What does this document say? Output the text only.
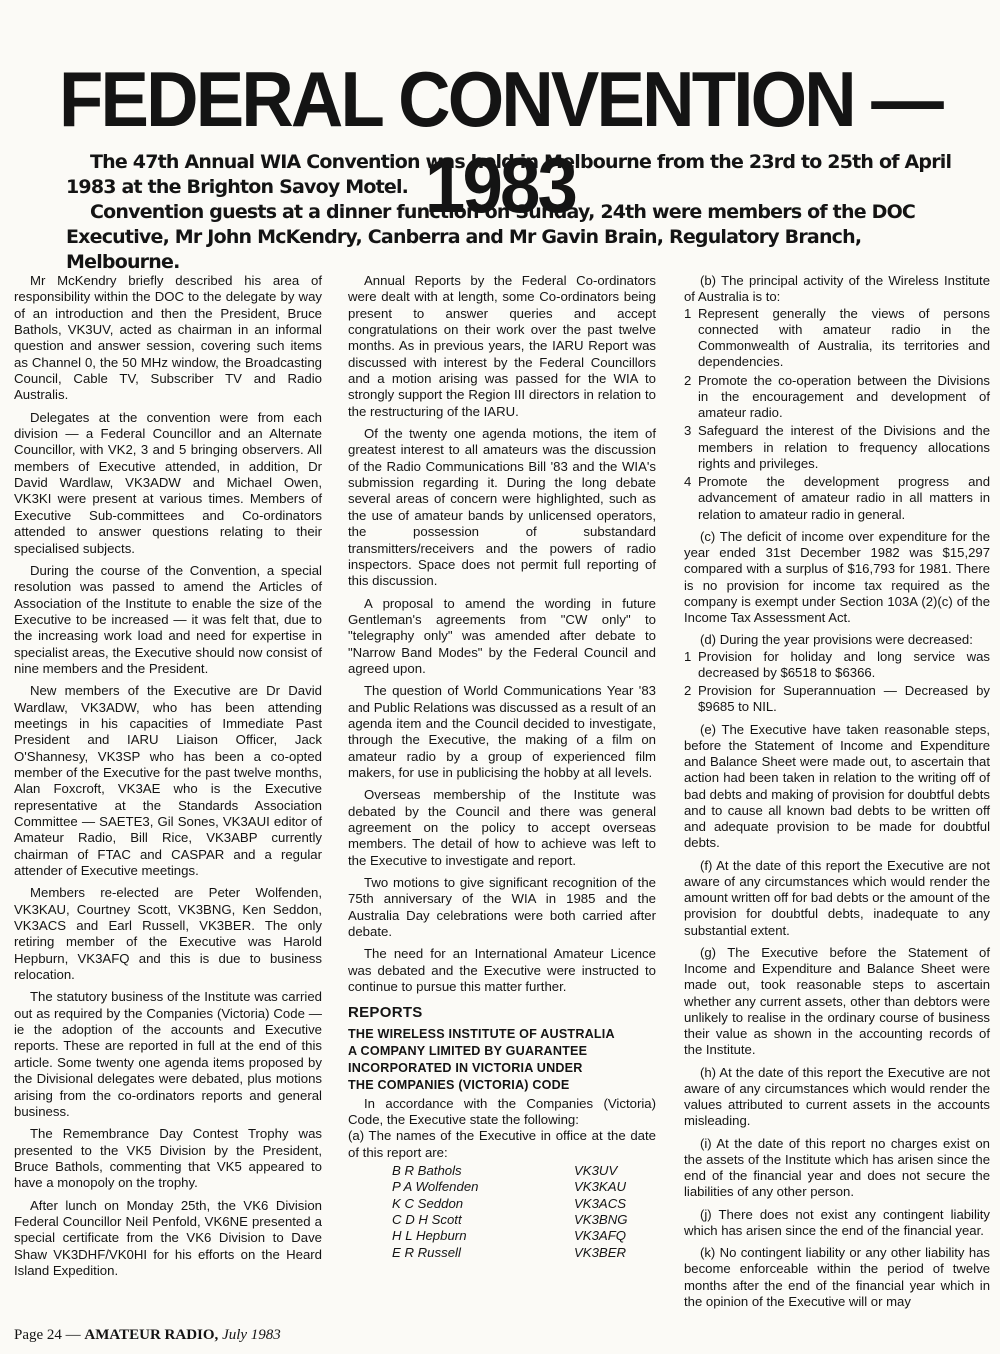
FEDERAL CONVENTION — 1983

The 47th Annual WIA Convention was held in Melbourne from the 23rd to 25th of April 1983 at the Brighton Savoy Motel.

Convention guests at a dinner function on Sunday, 24th were members of the DOC Executive, Mr John McKendry, Canberra and Mr Gavin Brain, Regulatory Branch, Melbourne.

Mr McKendry briefly described his area of responsibility within the DOC to the delegate by way of an introduction and then the President, Bruce Bathols, VK3UV, acted as chairman in an informal question and answer session, covering such items as Channel 0, the 50 MHz window, the Broadcasting Council, Cable TV, Subscriber TV and Radio Australis.

Delegates at the convention were from each division — a Federal Councillor and an Alternate Councillor, with VK2, 3 and 5 bringing observers. All members of Executive attended, in addition, Dr David Wardlaw, VK3ADW and Michael Owen, VK3KI were present at various times. Members of Executive Sub-committees and Co-ordinators attended to answer questions relating to their specialised subjects.

During the course of the Convention, a special resolution was passed to amend the Articles of Association of the Institute to enable the size of the Executive to be increased — it was felt that, due to the increasing work load and need for expertise in specialist areas, the Executive should now consist of nine members and the President.

New members of the Executive are Dr David Wardlaw, VK3ADW, who has been attending meetings in his capacities of Immediate Past President and IARU Liaison Officer, Jack O'Shannesy, VK3SP who has been a co-opted member of the Executive for the past twelve months, Alan Foxcroft, VK3AE who is the Executive representative at the Standards Association Committee — SAETE3, Gil Sones, VK3AUI editor of Amateur Radio, Bill Rice, VK3ABP currently chairman of FTAC and CASPAR and a regular attender of Executive meetings.

Members re-elected are Peter Wolfenden, VK3KAU, Courtney Scott, VK3BNG, Ken Seddon, VK3ACS and Earl Russell, VK3BER. The only retiring member of the Executive was Harold Hepburn, VK3AFQ and this is due to business relocation.

The statutory business of the Institute was carried out as required by the Companies (Victoria) Code — ie the adoption of the accounts and Executive reports. These are reported in full at the end of this article. Some twenty one agenda items proposed by the Divisional delegates were debated, plus motions arising from the co-ordinators reports and general business.

The Remembrance Day Contest Trophy was presented to the VK5 Division by the President, Bruce Bathols, commenting that VK5 appeared to have a monopoly on the trophy.

After lunch on Monday 25th, the VK6 Division Federal Councillor Neil Penfold, VK6NE presented a special certificate from the VK6 Division to Dave Shaw VK3DHF/VK0HI for his efforts on the Heard Island Expedition.

Annual Reports by the Federal Co-ordinators were dealt with at length, some Co-ordinators being present to answer queries and accept congratulations on their work over the past twelve months. As in previous years, the IARU Report was discussed with interest by the Federal Councillors and a motion arising was passed for the WIA to strongly support the Region III directors in relation to the restructuring of the IARU.

Of the twenty one agenda motions, the item of greatest interest to all amateurs was the discussion of the Radio Communications Bill '83 and the WIA's submission regarding it. During the long debate several areas of concern were highlighted, such as the use of amateur bands by unlicensed operators, the possession of substandard transmitters/receivers and the powers of radio inspectors. Space does not permit full reporting of this discussion.

A proposal to amend the wording in future Gentleman's agreements from "CW only" to "telegraphy only" was amended after debate to "Narrow Band Modes" by the Federal Council and agreed upon.

The question of World Communications Year '83 and Public Relations was discussed as a result of an agenda item and the Council decided to investigate, through the Executive, the making of a film on amateur radio by a group of experienced film makers, for use in publicising the hobby at all levels.

Overseas membership of the Institute was debated by the Council and there was general agreement on the policy to accept overseas members. The detail of how to achieve was left to the Executive to investigate and report.

Two motions to give significant recognition of the 75th anniversary of the WIA in 1985 and the Australia Day celebrations were both carried after debate.

The need for an International Amateur Licence was debated and the Executive were instructed to continue to pursue this matter further.

REPORTS
THE WIRELESS INSTITUTE OF AUSTRALIA
A COMPANY LIMITED BY GUARANTEE
INCORPORATED IN VICTORIA UNDER
THE COMPANIES (VICTORIA) CODE

In accordance with the Companies (Victoria) Code, the Executive state the following:

(a) The names of the Executive in office at the date of this report are:

B R Bathols	VK3UV
P A Wolfenden	VK3KAU
K C Seddon	VK3ACS
C D H Scott	VK3BNG
H L Hepburn	VK3AFQ
E R Russell	VK3BER

(b) The principal activity of the Wireless Institute of Australia is to:

1 Represent generally the views of persons connected with amateur radio in the Commonwealth of Australia, its territories and dependencies.
2 Promote the co-operation between the Divisions in the encouragement and development of amateur radio.
3 Safeguard the interest of the Divisions and the members in relation to frequency allocations rights and privileges.
4 Promote the development progress and advancement of amateur radio in all matters in relation to amateur radio in general.

(c) The deficit of income over expenditure for the year ended 31st December 1982 was $15,297 compared with a surplus of $16,793 for 1981. There is no provision for income tax required as the company is exempt under Section 103A (2)(c) of the Income Tax Assessment Act.

(d) During the year provisions were decreased:

1 Provision for holiday and long service was decreased by $6518 to $6366.
2 Provision for Superannuation — Decreased by $9685 to NIL.

(e) The Executive have taken reasonable steps, before the Statement of Income and Expenditure and Balance Sheet were made out, to ascertain that action had been taken in relation to the writing off of bad debts and making of provision for doubtful debts and to cause all known bad debts to be written off and adequate provision to be made for doubtful debts.

(f) At the date of this report the Executive are not aware of any circumstances which would render the amount written off for bad debts or the amount of the provision for doubtful debts, inadequate to any substantial extent.

(g) The Executive before the Statement of Income and Expenditure and Balance Sheet were made out, took reasonable steps to ascertain whether any current assets, other than debtors were unlikely to realise in the ordinary course of business their value as shown in the accounting records of the Institute.

(h) At the date of this report the Executive are not aware of any circumstances which would render the values attributed to current assets in the accounts misleading.

(i) At the date of this report no charges exist on the assets of the Institute which has arisen since the end of the financial year and does not secure the liabilities of any other person.

(j) There does not exist any contingent liability which has arisen since the end of the financial year.

(k) No contingent liability or any other liability has become enforceable within the period of twelve months after the end of the financial year which in the opinion of the Executive will or may

Page 24 — AMATEUR RADIO, July 1983
